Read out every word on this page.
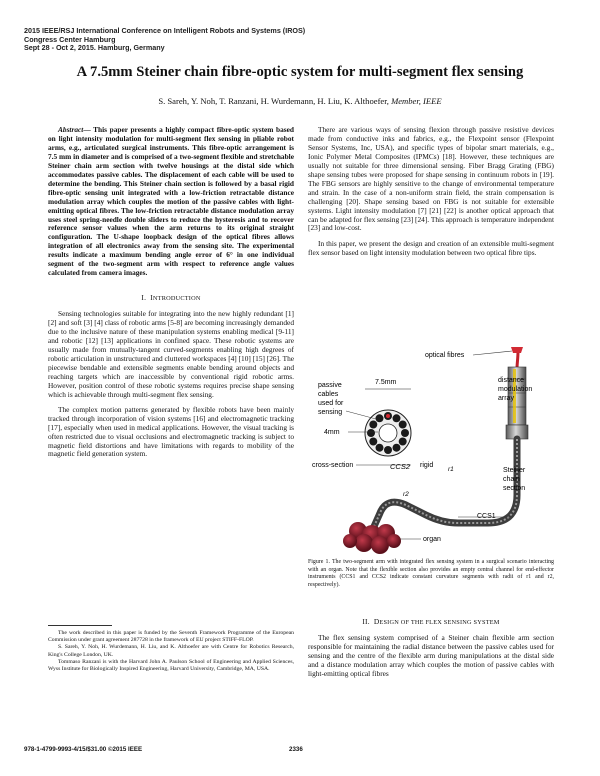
2015 IEEE/RSJ International Conference on Intelligent Robots and Systems (IROS)
Congress Center Hamburg
Sept 28 - Oct 2, 2015. Hamburg, Germany
A 7.5mm Steiner chain fibre-optic system for multi-segment flex sensing
S. Sareh, Y. Noh, T. Ranzani, H. Wurdemann, H. Liu, K. Althoefer, Member, IEEE

Abstract— This paper presents a highly compact fibre-optic system based on light intensity modulation for multi-segment flex sensing in pliable robot arms, e.g., articulated surgical instruments. This fibre-optic arrangement is 7.5 mm in diameter and is comprised of a two-segment flexible and stretchable Steiner chain arm section with twelve housings at the distal side which accommodates passive cables. The displacement of each cable will be used to determine the bending. This Steiner chain section is followed by a basal rigid fibre-optic sensing unit integrated with a low-friction retractable distance modulation array which couples the motion of the passive cables with light-emitting optical fibres. The low-friction retractable distance modulation array uses steel spring-needle double sliders to reduce the hysteresis and to recover reference sensor values when the arm returns to its original straight configuration. The U-shape loopback design of the optical fibres allows integration of all electronics away from the sensing site. The experimental results indicate a maximum bending angle error of 6° in one individual segment of the two-segment arm with respect to reference angle values calculated from camera images.

I. INTRODUCTION

Sensing technologies suitable for integrating into the new highly redundant [1] [2] and soft [3] [4] class of robotic arms [5-8] are becoming increasingly demanded due to the inclusive nature of these manipulation systems enabling medical [9-11] and robotic [12] [13] applications in confined space. These robotic systems are usually made from mutually-tangent curved-segments enabling high degrees of robotic articulation in unstructured and cluttered workspaces [4] [10] [15] [26]. The piecewise bendable and extensible segments enable bending around objects and reaching targets which are inaccessible by conventional rigid robotic arms. However, position control of these robotic systems requires precise shape sensing which is achievable through multi-segment flex sensing.

The complex motion patterns generated by flexible robots have been mainly tracked through incorporation of vision systems [16] and electromagnetic tracking [17], especially when used in medical applications. However, the visual tracking is often restricted due to visual occlusions and electromagnetic tracking is subject to magnetic field distortions and have limitations with regards to mobility of the magnetic field generation system.

The work described in this paper is funded by the Seventh Framework Programme of the European Commission under grant agreement 287728 in the framework of EU project STIFF-FLOP.

S. Sareh, Y. Noh, H. Wurdemann, H. Liu, and K. Althoefer are with Centre for Robotics Research, King's College London, UK.

Tommaso Ranzani is with the Harvard John A. Paulson School of Engineering and Applied Sciences, Wyss Institute for Biologically Inspired Engineering, Harvard University, Cambridge, MA, USA.

There are various ways of sensing flexion through passive resistive devices made from conductive inks and fabrics, e.g., the Flexpoint sensor (Flexpoint Sensor Systems, Inc, USA), and specific types of bipolar smart materials, e.g., Ionic Polymer Metal Composites (IPMCs) [18]. However, these techniques are usually not suitable for three dimensional sensing. Fiber Bragg Grating (FBG) shape sensing tubes were proposed for shape sensing in continuum robots in [19]. The FBG sensors are highly sensitive to the change of environmental temperature and strain. In the case of a non-uniform strain field, the strain compensation is challenging [20]. Shape sensing based on FBG is not suitable for extensible systems. Light intensity modulation [7] [21] [22] is another optical approach that can be adapted for flex sensing [23] [24]. This approach is temperature independent [23] and low-cost.

In this paper, we present the design and creation of an extensible multi-segment flex sensor based on light intensity modulation between two optical fibre tips.

optical fibres
distance
modulation
array
Steiner
chain
section
CCS1
7.5mm
passive
cables
used for
sensing
4mm
cross-section	CCS2 rigid
r1
r2
organ
Figure 1. The two-segment arm with integrated flex sensing system in a surgical scenario interacting with an organ. Note that the flexible section also provides an empty central channel for end-effector instruments (CCS1 and CCS2 indicate constant curvature segments with radii of r1 and r2, respectively).
II. DESIGN OF THE FLEX SENSING SYSTEM

The flex sensing system comprised of a Steiner chain flexible arm section responsible for maintaining the radial distance between the passive cables used for sensing and the centre of the flexible arm during manipulations at the distal side and a distance modulation array which couples the motion of passive cables with light-emitting optical fibres

978-1-4799-9993-4/15/$31.00 ©2015 IEEE	2336
